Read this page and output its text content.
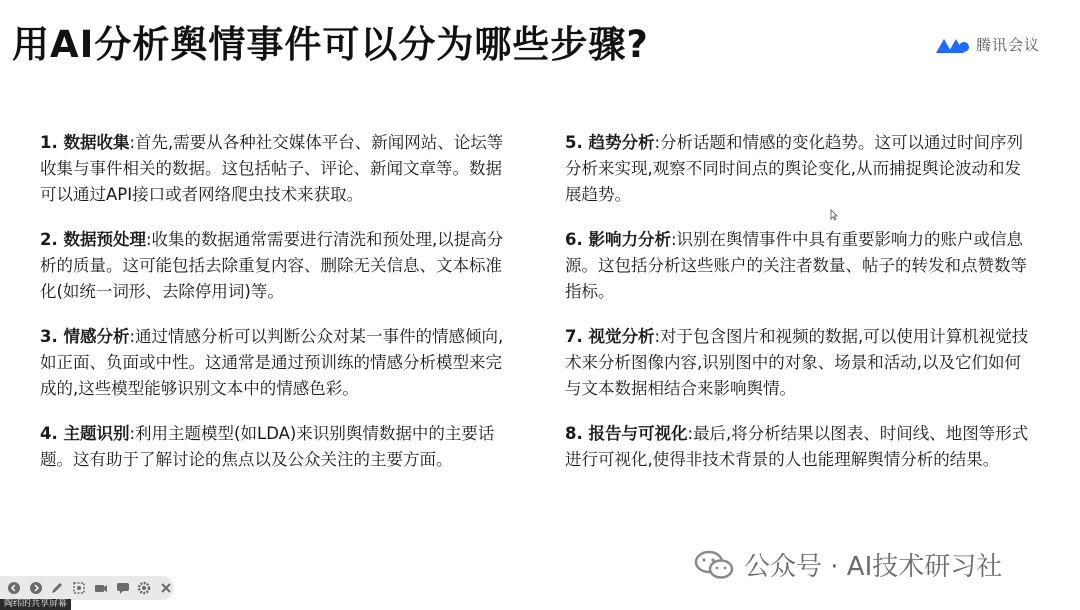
用AI分析舆情事件可以分为哪些步骤?	腾讯会议
1. 数据收集:首先,需要从各种社交媒体平台、新闻网站、论坛等收集与事件相关的数据。这包括帖子、评论、新闻文章等。数据可以通过API接口或者网络爬虫技术来获取。
2. 数据预处理:收集的数据通常需要进行清洗和预处理,以提高分析的质量。这可能包括去除重复内容、删除无关信息、文本标准化(如统一词形、去除停用词)等。
3. 情感分析:通过情感分析可以判断公众对某一事件的情感倾向,如正面、负面或中性。这通常是通过预训练的情感分析模型来完成的,这些模型能够识别文本中的情感色彩。
4. 主题识别:利用主题模型(如LDA)来识别舆情数据中的主要话题。这有助于了解讨论的焦点以及公众关注的主要方面。
5. 趋势分析:分析话题和情感的变化趋势。这可以通过时间序列分析来实现,观察不同时间点的舆论变化,从而捕捉舆论波动和发展趋势。
6. 影响力分析:识别在舆情事件中具有重要影响力的账户或信息源。这包括分析这些账户的关注者数量、帖子的转发和点赞数等指标。
7. 视觉分析:对于包含图片和视频的数据,可以使用计算机视觉技术来分析图像内容,识别图中的对象、场景和活动,以及它们如何与文本数据相结合来影响舆情。
8. 报告与可视化:最后,将分析结果以图表、时间线、地图等形式进行可视化,使得非技术背景的人也能理解舆情分析的结果。
公众号 · AI技术研习社
陶纬的共享屏幕
